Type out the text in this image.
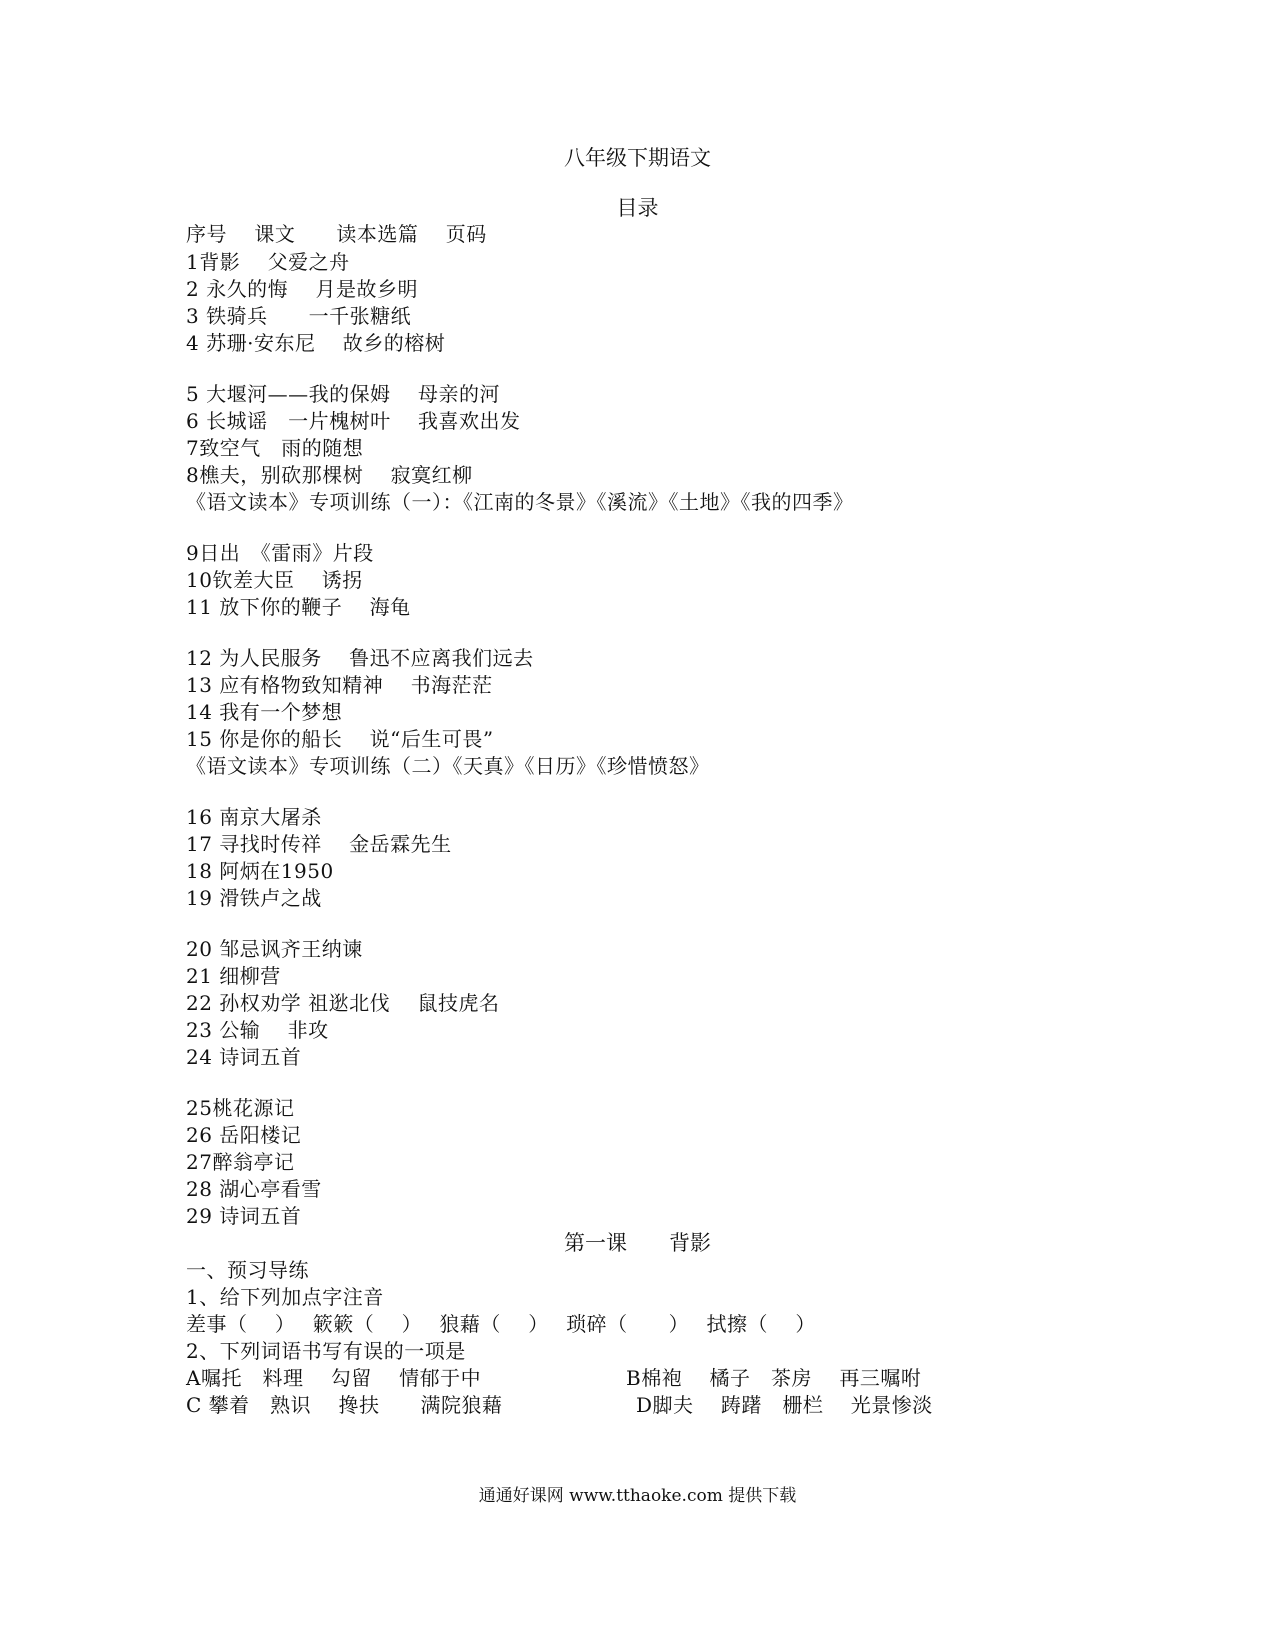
八年级下期语文
目录
序号　 课文　　读本选篇　 页码
1背影　 父爱之舟
2 永久的悔　 月是故乡明
3 铁骑兵　　一千张糖纸
4 苏珊·安东尼　 故乡的榕树
5 大堰河——我的保姆　 母亲的河
6 长城谣　一片槐树叶　 我喜欢出发
7致空气　雨的随想
8樵夫，别砍那棵树　 寂寞红柳
《语文读本》专项训练（一）：《江南的冬景》《溪流》《土地》《我的四季》
9日出　《雷雨》片段
10钦差大臣　 诱拐
11 放下你的鞭子　 海龟
12 为人民服务　 鲁迅不应离我们远去
13 应有格物致知精神　 书海茫茫
14 我有一个梦想
15 你是你的船长　 说“后生可畏”
《语文读本》专项训练（二）《天真》《日历》《珍惜愤怒》
16 南京大屠杀
17 寻找时传祥　 金岳霖先生
18 阿炳在1950
19 滑铁卢之战
20 邹忌讽齐王纳谏
21 细柳营
22 孙权劝学 祖逖北伐　 鼠技虎名
23 公输　 非攻
24 诗词五首
25桃花源记
26 岳阳楼记
27醉翁亭记
28 湖心亭看雪
29 诗词五首
第一课　　背影
一、预习导练
1、给下列加点字注音
差事（　 ）　 簌簌（　 ）　 狼藉（　 ）　 琐碎（　　）　 拭擦（　 ）
2、下列词语书写有误的一项是
A嘱托　料理　 勾留　 情郁于中	B棉袍　 橘子　茶房　 再三嘱咐
C 攀着　熟识　 搀扶　　满院狼藉	D脚夫　 踌躇　栅栏　 光景惨淡
通通好课网 www.tthaoke.com 提供下载
